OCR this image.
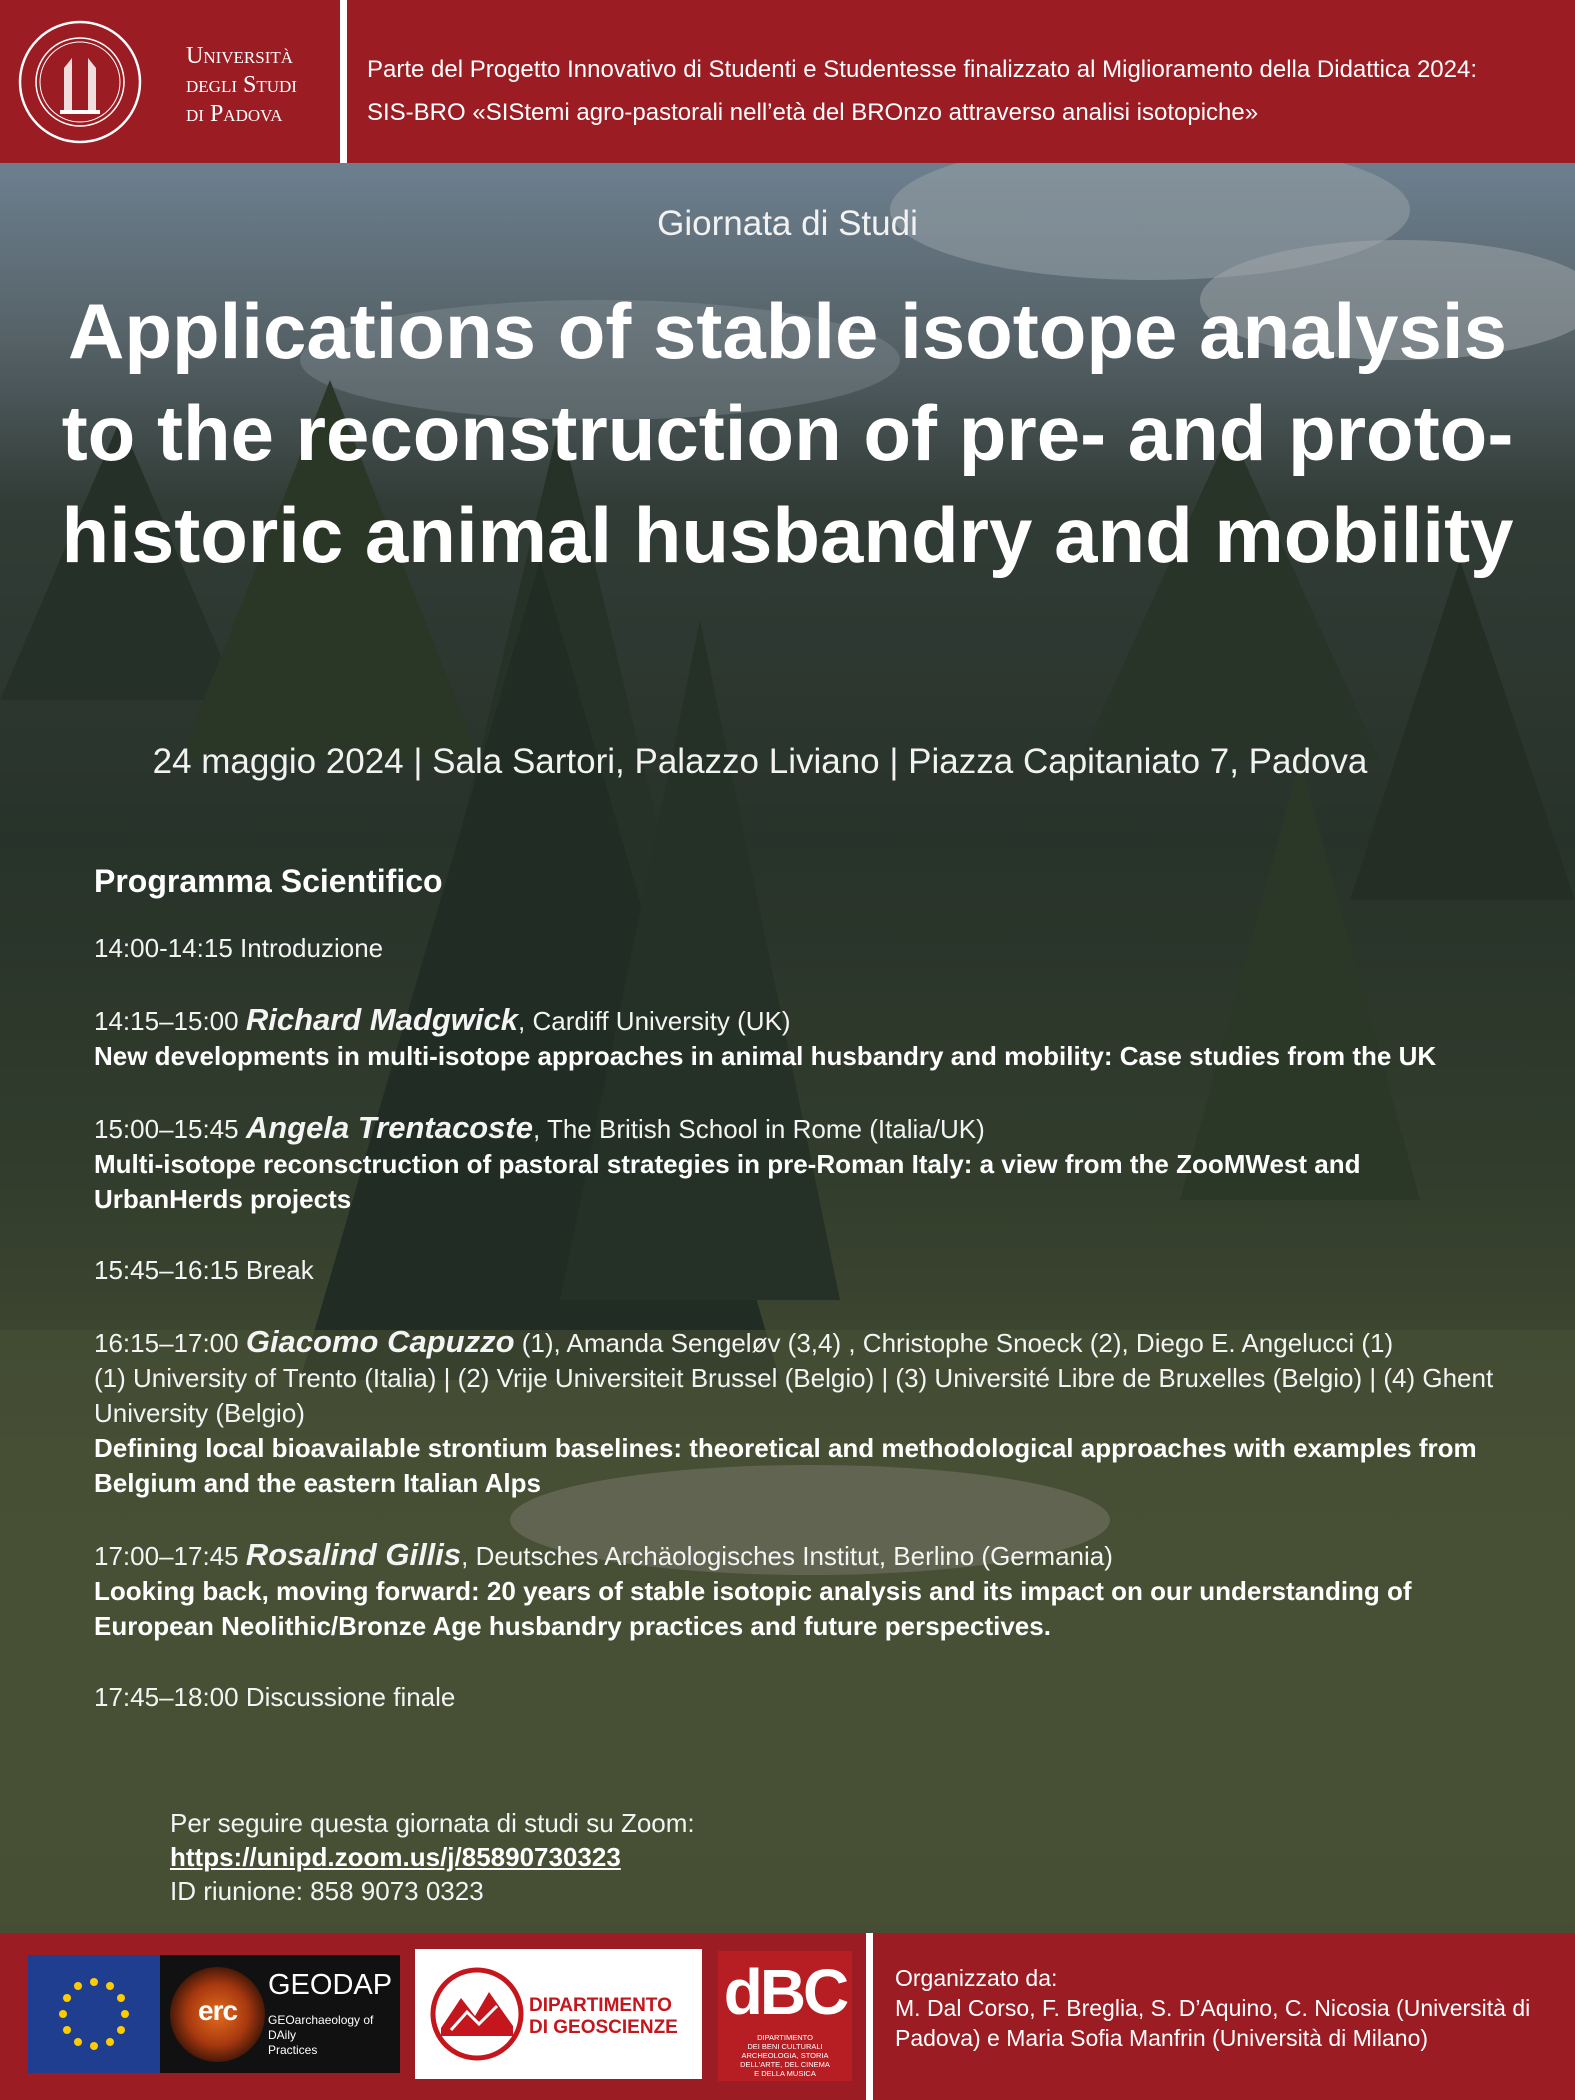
Università
degli Studi
di Padova
Parte del Progetto Innovativo di Studenti e Studentesse finalizzato al Miglioramento della Didattica 2024:
SIS-BRO «SIStemi agro-pastorali nell’età del BROnzo attraverso analisi isotopiche»
Giornata di Studi
Applications of stable isotope analysis to the reconstruction of pre- and proto-historic animal husbandry and mobility
24 maggio 2024 | Sala Sartori, Palazzo Liviano | Piazza Capitaniato 7, Padova
Programma Scientifico
14:00-14:15 Introduzione
14:15–15:00 Richard Madgwick, Cardiff University (UK)
New developments in multi-isotope approaches in animal husbandry and mobility: Case studies from the UK
15:00–15:45 Angela Trentacoste, The British School in Rome (Italia/UK)
Multi-isotope reconsctruction of pastoral strategies in pre-Roman Italy: a view from the ZooMWest and UrbanHerds projects
15:45–16:15 Break
16:15–17:00 Giacomo Capuzzo (1), Amanda Sengeløv (3,4) , Christophe Snoeck (2), Diego E. Angelucci (1)
(1) University of Trento (Italia) | (2) Vrije Universiteit Brussel (Belgio) | (3) Université Libre de Bruxelles (Belgio) | (4) Ghent University (Belgio)
Defining local bioavailable strontium baselines: theoretical and methodological approaches with examples from Belgium and the eastern Italian Alps
17:00–17:45 Rosalind Gillis, Deutsches Archäologisches Institut, Berlino (Germania)
Looking back, moving forward: 20 years of stable isotopic analysis and its impact on our understanding of European Neolithic/Bronze Age husbandry practices and future perspectives.
17:45–18:00 Discussione finale
Per seguire questa giornata di studi su Zoom:
https://unipd.zoom.us/j/85890730323
ID riunione: 858 9073 0323
erc
GEODAP
GEOarchaeology of
DAily
Practices
DIPARTIMENTO
DI GEOSCIENZE dBC
DIPARTIMENTO
DEI BENI CULTURALI
ARCHEOLOGIA, STORIA
DELL'ARTE, DEL CINEMA
E DELLA MUSICA
Organizzato da:
M. Dal Corso, F. Breglia, S. D’Aquino, C. Nicosia (Università di Padova) e Maria Sofia Manfrin (Università di Milano)
